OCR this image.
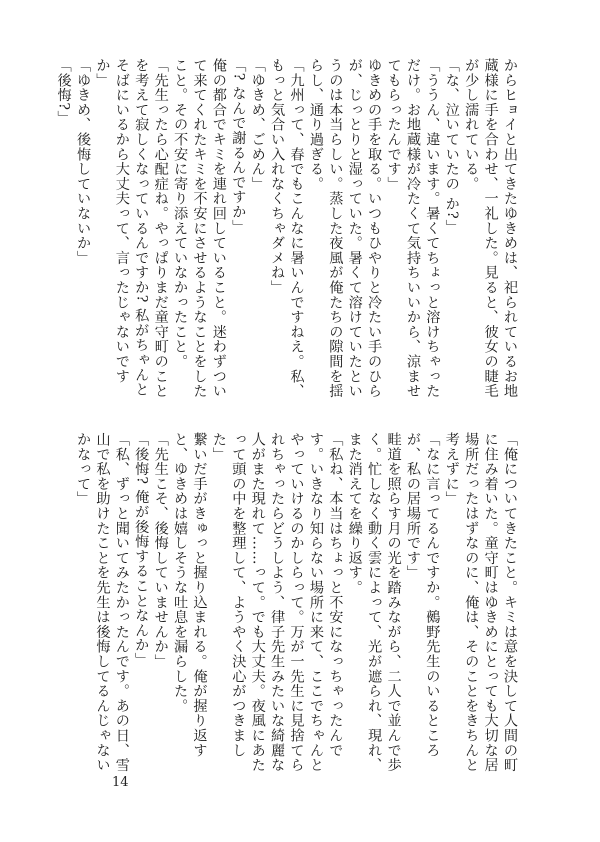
からヒョイと出てきたゆきめは、祀られているお地蔵様に手を合わせ、一礼した。見ると、彼女の睫毛が少し濡れている。

「な、泣いていたの か?」

「ううん、違います。暑くてちょっと溶けちゃっただけ。お地蔵様が冷たくて気持ちいいから、涼ませてもらったんです」

ゆきめの手を取る。いつもひやりと冷たい手のひらが、じっとりと湿っていた。暑くて溶けていたというのは本当らしい。蒸した夜風が俺たちの隙間を揺らし、通り過ぎる。

「九州って、春でもこんなに暑いんですねえ。私、もっと気合い入れなくちゃダメね」

「ゆきめ、ごめん」

「? なんで謝るんですか」

俺の都合でキミを連れ回していること。迷わずついて来てくれたキミを不安にさせるようなことをしたこと。その不安に寄り添えていなかったこと。

「先生ったら心配症ね。やっぱりまだ童守町のことを考えて寂しくなっているんですか? 私がちゃんとそばにいるから大丈夫って、言ったじゃないですか」

「ゆきめ、後悔していないか」

「後悔?」

「俺についてきたこと。キミは意を決して人間の町に住み着いた。童守町はゆきめにとっても大切な居場所だったはずなのに、俺は、そのことをきちんと考えずに」

「なに言ってるんですか。鵺野先生のいるところが、私の居場所です」

畦道を照らす月の光を踏みながら、二人で並んで歩く。忙しなく動く雲によって、光が遮られ、現れ、また消えてを繰り返す。

「私ね、本当はちょっと不安になっちゃったんです。いきなり知らない場所に来て、ここでちゃんとやっていけるのかしらって。万が一先生に見捨てられちゃったらどうしよう、律子先生みたいな綺麗な人がまた現れて……って。でも大丈夫。夜風にあたって頭の中を整理して、ようやく決心がつきました」

繋いだ手がきゅっと握り込まれる。俺が握り返すと、ゆきめは嬉しそうな吐息を漏らした。

「先生こそ、後悔していませんか」

「後悔? 俺が後悔することなんか」

「私、ずっと聞いてみたかったんです。あの日、雪山で私を助けたことを先生は後悔してるんじゃないかなって」

14
